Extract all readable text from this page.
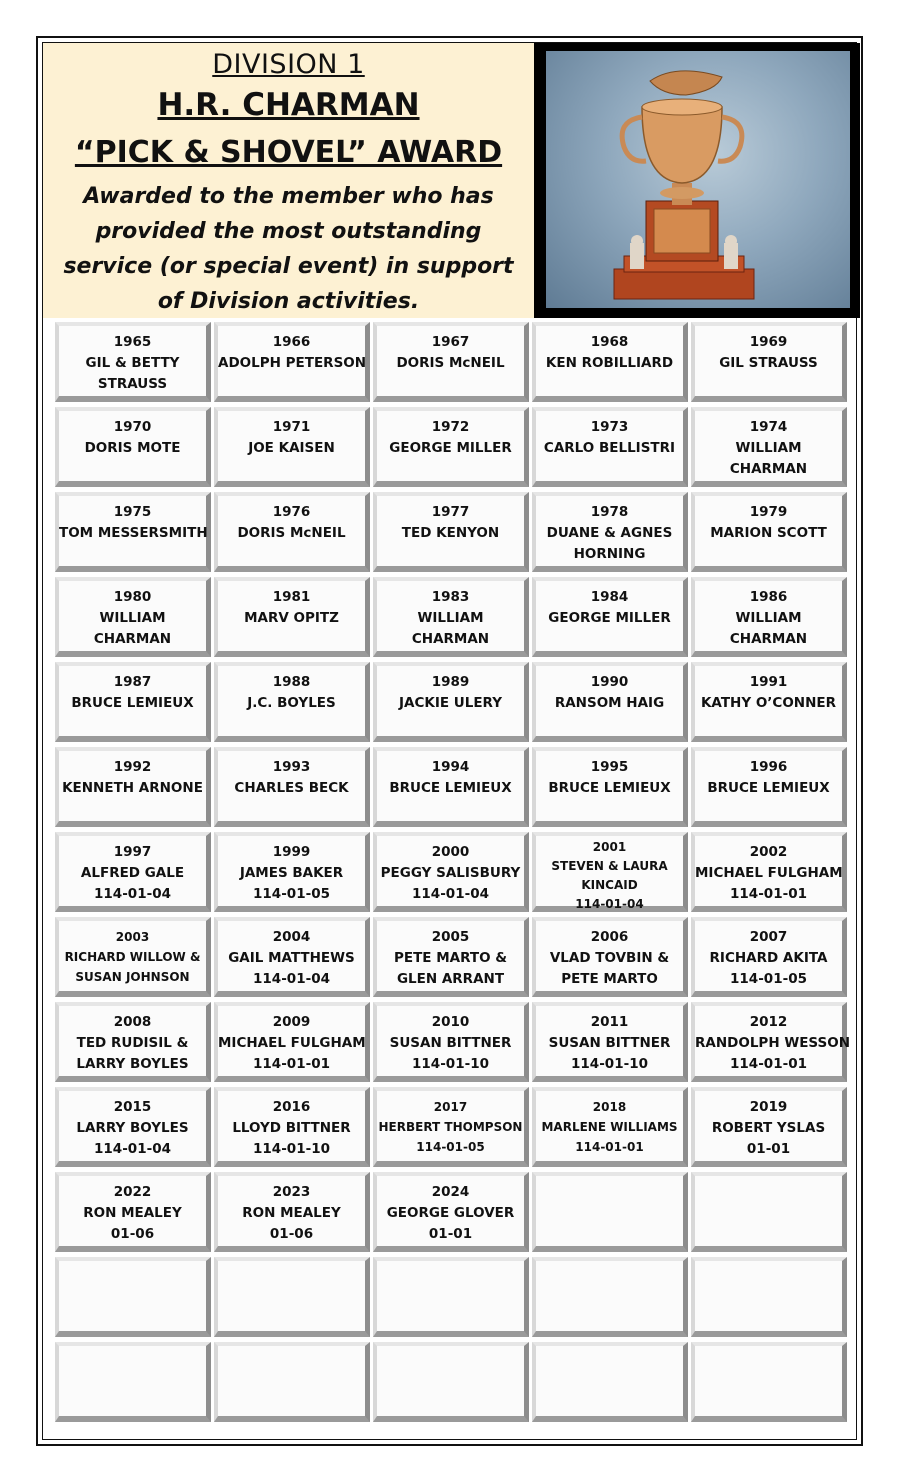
DIVISION 1
H.R. CHARMAN
“PICK & SHOVEL” AWARD
Awarded to the member who has provided the most outstanding service (or special event) in support of Division activities.
1965
GIL & BETTY
STRAUSS
1966
ADOLPH PETERSON
1967
DORIS McNEIL
1968
KEN ROBILLIARD
1969
GIL STRAUSS
1970
DORIS MOTE
1971
JOE KAISEN
1972
GEORGE MILLER
1973
CARLO BELLISTRI
1974
WILLIAM
CHARMAN
1975
TOM MESSERSMITH
1976
DORIS McNEIL
1977
TED KENYON
1978
DUANE & AGNES
HORNING
1979
MARION SCOTT
1980
WILLIAM
CHARMAN
1981
MARV OPITZ
1983
WILLIAM
CHARMAN
1984
GEORGE MILLER
1986
WILLIAM
CHARMAN
1987
BRUCE LEMIEUX
1988
J.C. BOYLES
1989
JACKIE ULERY
1990
RANSOM HAIG
1991
KATHY O’CONNER
1992
KENNETH ARNONE
1993
CHARLES BECK
1994
BRUCE LEMIEUX
1995
BRUCE LEMIEUX
1996
BRUCE LEMIEUX
1997
ALFRED GALE
114-01-04
1999
JAMES BAKER
114-01-05
2000
PEGGY SALISBURY
114-01-04
2001
STEVEN & LAURA
KINCAID
114-01-04
2002
MICHAEL FULGHAM
114-01-01
2003
RICHARD WILLOW &
SUSAN JOHNSON
2004
GAIL MATTHEWS
114-01-04
2005
PETE MARTO &
GLEN ARRANT
2006
VLAD TOVBIN &
PETE MARTO
2007
RICHARD AKITA
114-01-05
2008
TED RUDISIL &
LARRY BOYLES
2009
MICHAEL FULGHAM
114-01-01
2010
SUSAN BITTNER
114-01-10
2011
SUSAN BITTNER
114-01-10
2012
RANDOLPH WESSON
114-01-01
2015
LARRY BOYLES
114-01-04
2016
LLOYD BITTNER
114-01-10
2017
HERBERT THOMPSON
114-01-05
2018
MARLENE WILLIAMS
114-01-01
2019
ROBERT YSLAS
01-01
2022
RON MEALEY
01-06
2023
RON MEALEY
01-06
2024
GEORGE GLOVER
01-01
